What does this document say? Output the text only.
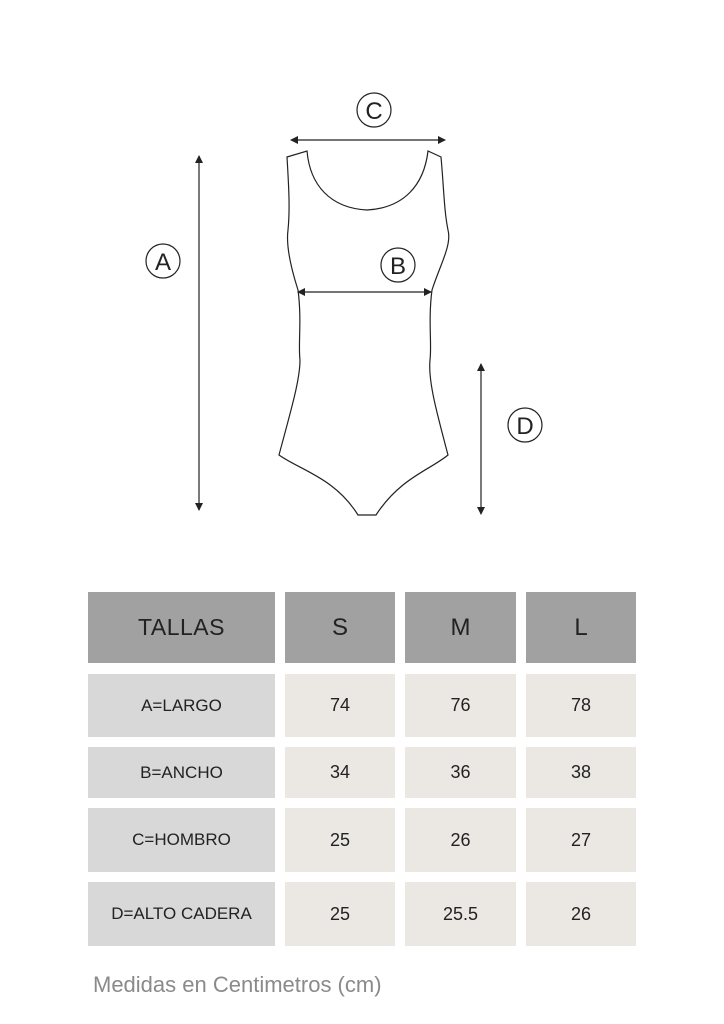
C
A	B
D
TALLAS	S	M	L
A=LARGO	74	76	78
B=ANCHO	34	36	38
C=HOMBRO	25	26	27
D=ALTO CADERA	25	25.5	26
Medidas en Centimetros (cm)
